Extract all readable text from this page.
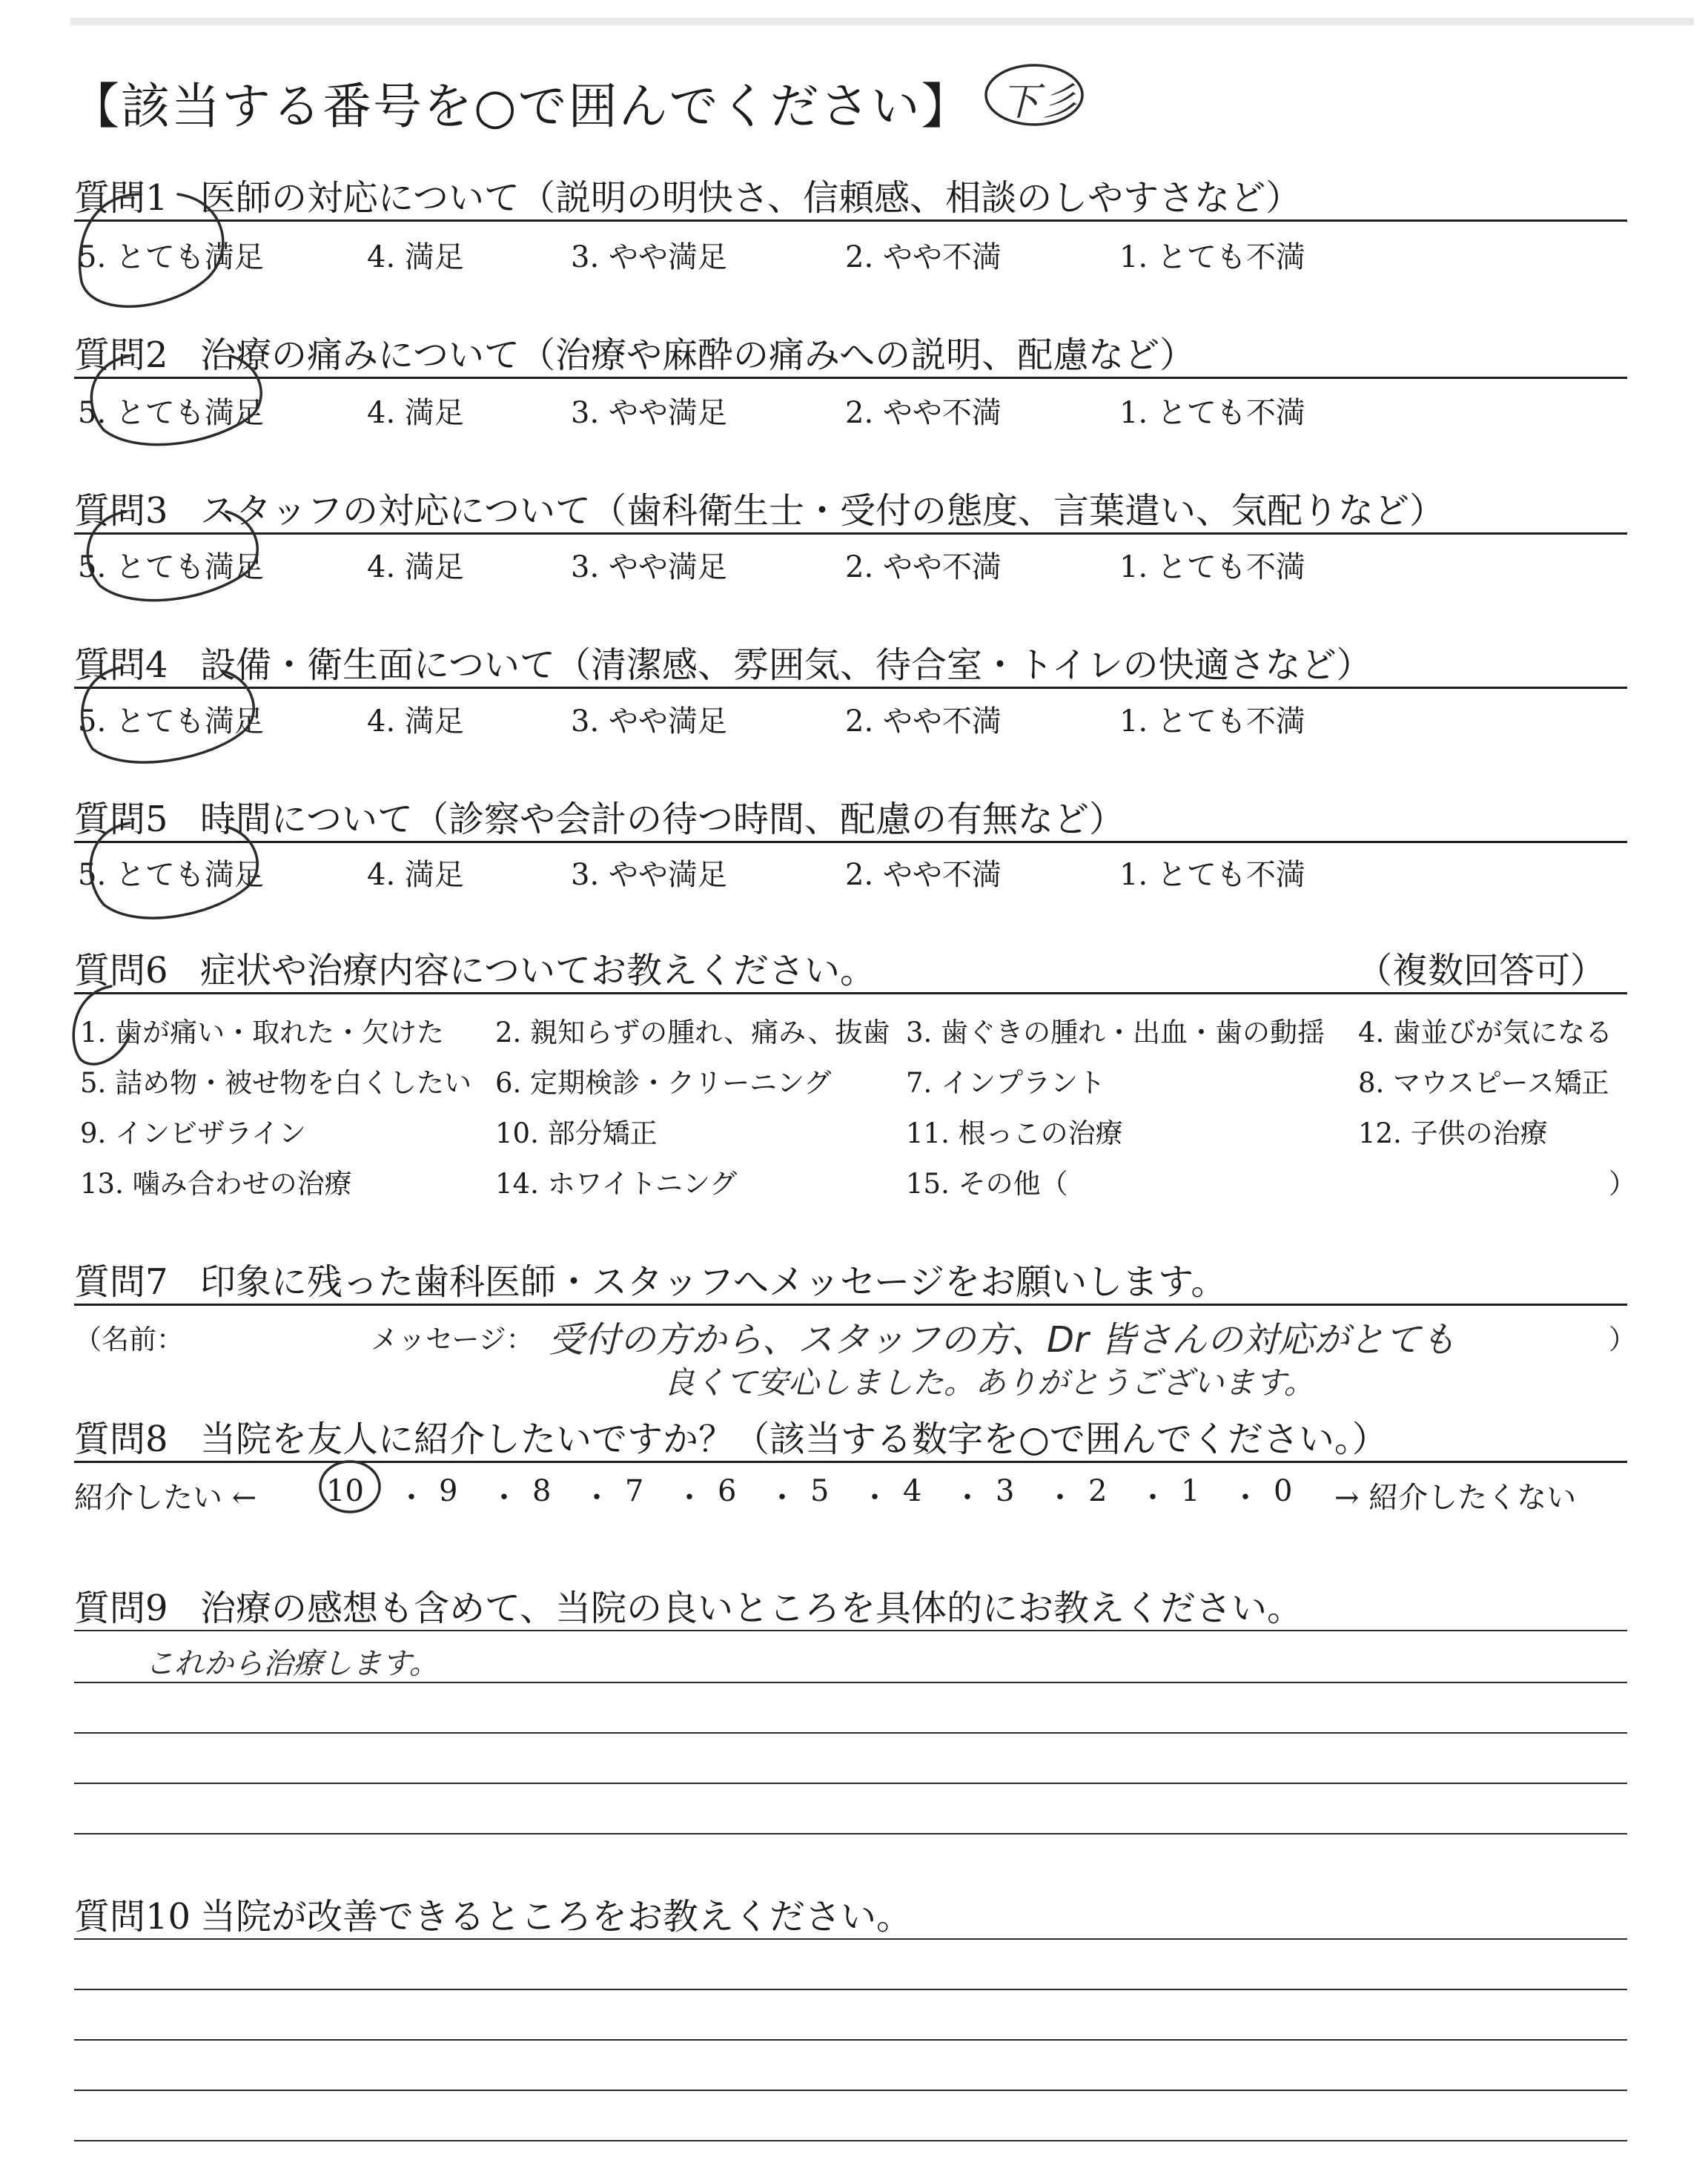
【該当する番号を○で囲んでください】 下彡
質問1 医師の対応について（説明の明快さ、信頼感、相談のしやすさなど）
5. とても満足	4. 満足	3. やや満足	2. やや不満	1. とても不満
質問2 治療の痛みについて（治療や麻酔の痛みへの説明、配慮など）
5. とても満足	4. 満足	3. やや満足	2. やや不満	1. とても不満
質問3 スタッフの対応について（歯科衛生士・受付の態度、言葉遣い、気配りなど）
5. とても満足	4. 満足	3. やや満足	2. やや不満	1. とても不満
質問4 設備・衛生面について（清潔感、雰囲気、待合室・トイレの快適さなど）
5. とても満足	4. 満足	3. やや満足	2. やや不満	1. とても不満
質問5 時間について（診察や会計の待つ時間、配慮の有無など）
5. とても満足	4. 満足	3. やや満足	2. やや不満	1. とても不満
質問6 症状や治療内容についてお教えください。	（複数回答可）
1. 歯が痛い・取れた・欠けた 2. 親知らずの腫れ、痛み、抜歯 3. 歯ぐきの腫れ・出血・歯の動揺 4. 歯並びが気になる
5. 詰め物・被せ物を白くしたい 6. 定期検診・クリーニング	7. インプラント	8. マウスピース矯正
9. インビザライン	10. 部分矯正	11. 根っこの治療	12. 子供の治療
13. 噛み合わせの治療	14. ホワイトニング	15. その他（	）
質問7 印象に残った歯科医師・スタッフへメッセージをお願いします。
（名前：	メッセージ：	）
受付の方から、スタッフの方、Dr 皆さんの対応がとても
良くて安心しました。ありがとうございます。
質問8 当院を友人に紹介したいですか？（該当する数字を○で囲んでください。）
紹介したい ← 10 ・ 9 ・ 8 ・ 7 ・ 6 ・ 5 ・ 4 ・ 3 ・ 2 ・ 1 ・ 0 → 紹介したくない
質問9 治療の感想も含めて、当院の良いところを具体的にお教えください。
これから治療します。
質問10 当院が改善できるところをお教えください。
